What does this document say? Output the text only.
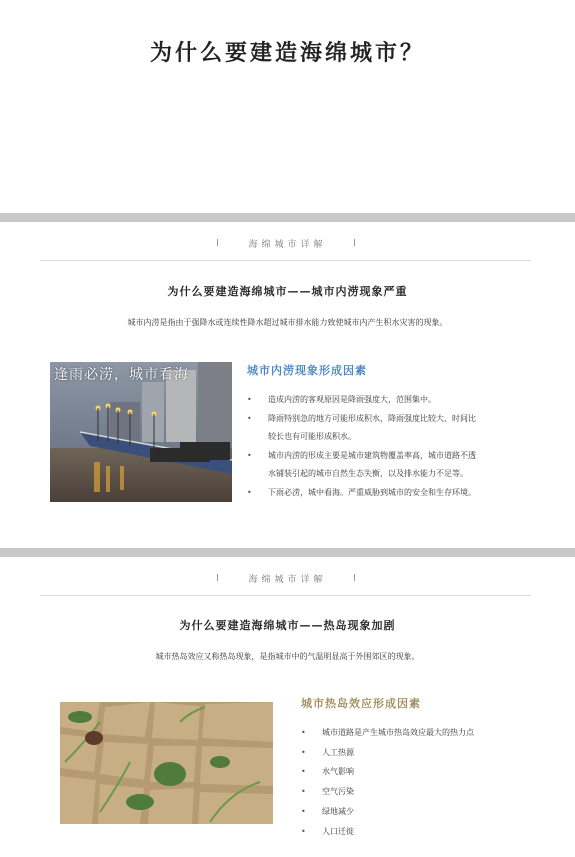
为什么要建造海绵城市？
海绵城市详解
为什么要建造海绵城市——城市内涝现象严重
城市内涝是指由于强降水或连续性降水超过城市排水能力致使城市内产生积水灾害的现象。
逢雨必涝，城市看海	城市内涝现象形成因素
• 造成内涝的客观原因是降雨强度大，范围集中。
• 降雨特别急的地方可能形成积水，降雨强度比较大、时间比
较长也有可能形成积水。
• 城市内涝的形成主要是城市建筑物覆盖率高，城市道路不透
水铺装引起的城市自然生态失衡，以及排水能力不足等。
• 下雨必涝，城中看海。严重威胁到城市的安全和生存环境。
海绵城市详解
为什么要建造海绵城市——热岛现象加剧
城市热岛效应又称热岛现象，是指城市中的气温明显高于外围郊区的现象。
城市热岛效应形成因素
• 城市道路是产生城市热岛效应最大的热力点
• 人工热源
• 水气影响
• 空气污染
• 绿地减少
• 人口迁徙
